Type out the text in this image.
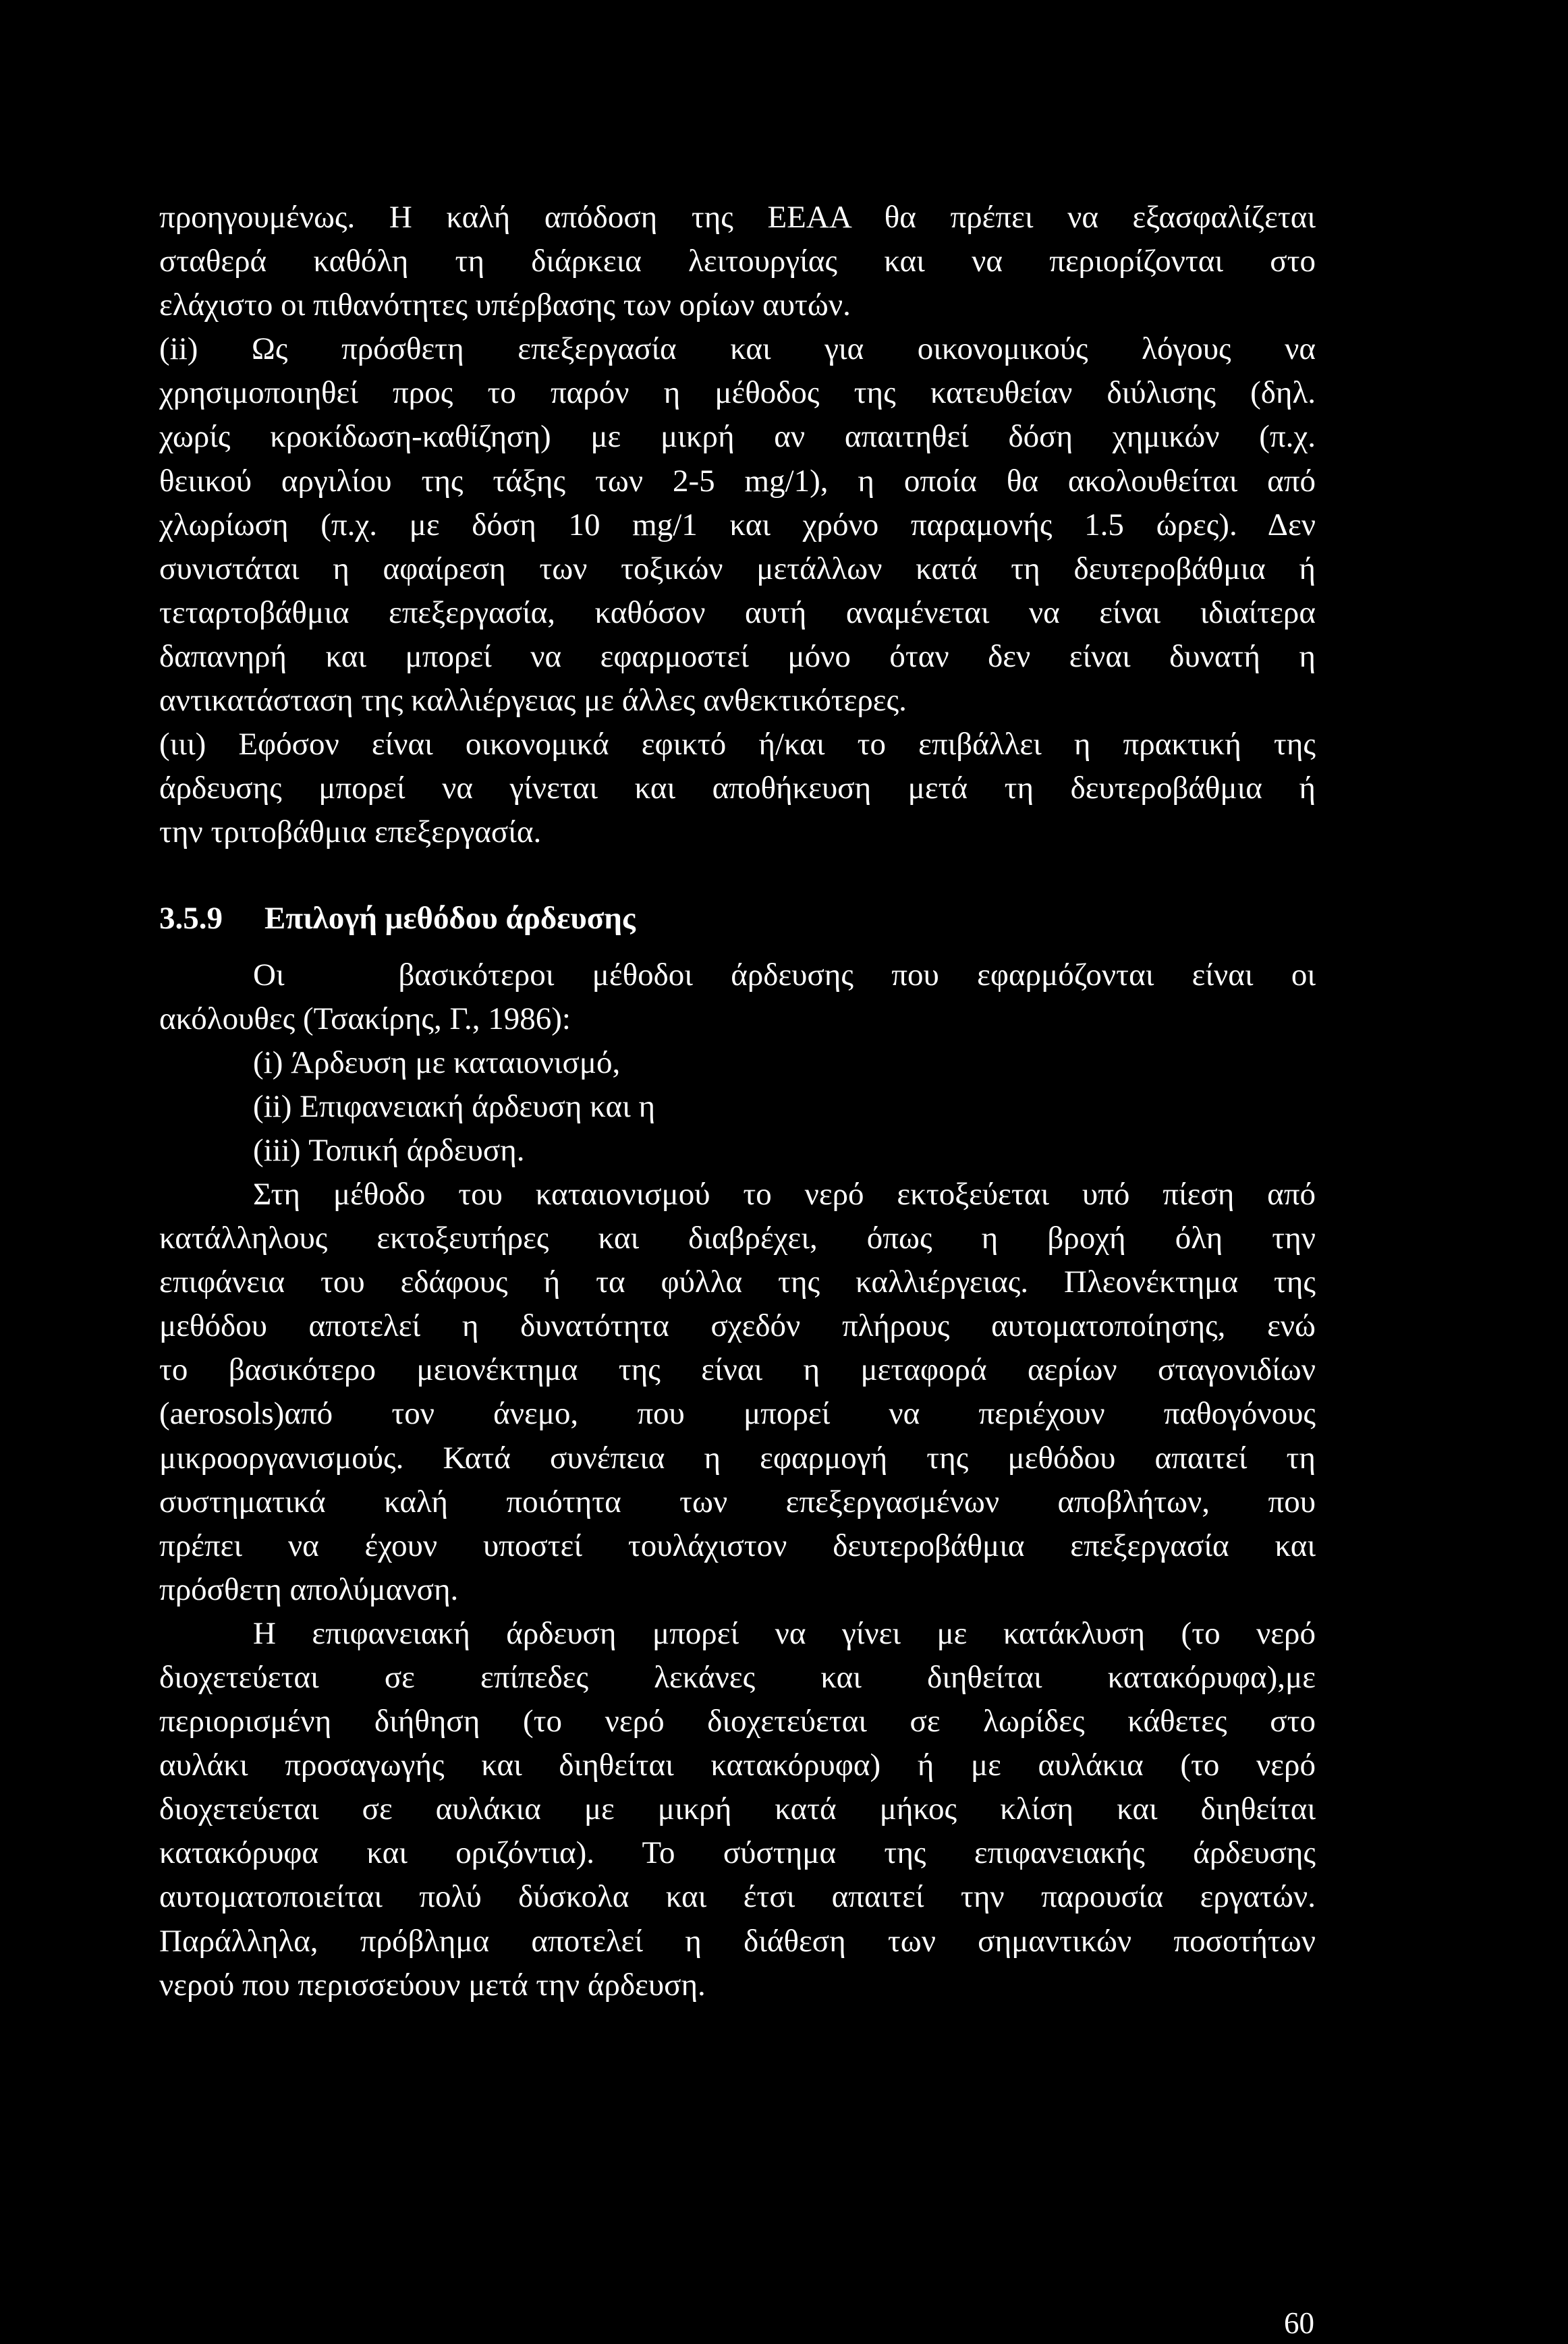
προηγουμένως. Η καλή απόδοση της ΕΕΑΑ θα πρέπει να εξασφαλίζεται
σταθερά καθόλη τη διάρκεια λειτουργίας και να περιορίζονται στο
ελάχιστο οι πιθανότητες υπέρβασης των ορίων αυτών.
(ii) Ως πρόσθετη επεξεργασία και για οικονομικούς λόγους να
χρησιμοποιηθεί προς το παρόν η μέθοδος της κατευθείαν διύλισης (δηλ.
χωρίς κροκίδωση-καθίζηση) με μικρή αν απαιτηθεί δόση χημικών (π.χ.
θειικού αργιλίου της τάξης των 2-5 mg/1), η οποία θα ακολουθείται από
χλωρίωση (π.χ. με δόση 10 mg/1 και χρόνο παραμονής 1.5 ώρες). Δεν
συνιστάται η αφαίρεση των τοξικών μετάλλων κατά τη δευτεροβάθμια ή
τεταρτοβάθμια επεξεργασία, καθόσον αυτή αναμένεται να είναι ιδιαίτερα
δαπανηρή και μπορεί να εφαρμοστεί μόνο όταν δεν είναι δυνατή η
αντικατάσταση της καλλιέργειας με άλλες ανθεκτικότερες.
(ιιι) Εφόσον είναι οικονομικά εφικτό ή/και το επιβάλλει η πρακτική της
άρδευσης μπορεί να γίνεται και αποθήκευση μετά τη δευτεροβάθμια ή
την τριτοβάθμια επεξεργασία.
3.5.9 Επιλογή μεθόδου άρδευσης
Οι   βασικότεροι μέθοδοι άρδευσης που εφαρμόζονται είναι οι
ακόλουθες (Τσακίρης, Γ., 1986):
(i) Άρδευση με καταιονισμό,
(ii) Επιφανειακή άρδευση και η
(iii) Τοπική άρδευση.
Στη μέθοδο του καταιονισμού το νερό εκτοξεύεται υπό πίεση από
κατάλληλους εκτοξευτήρες και διαβρέχει, όπως η βροχή όλη την
επιφάνεια του εδάφους ή τα φύλλα της καλλιέργειας. Πλεονέκτημα της
μεθόδου αποτελεί η δυνατότητα σχεδόν πλήρους αυτοματοποίησης, ενώ
το βασικότερο μειονέκτημα της είναι η μεταφορά αερίων σταγονιδίων
(aerosols)από τον άνεμο, που μπορεί να περιέχουν παθογόνους
μικροοργανισμούς. Κατά συνέπεια η εφαρμογή της μεθόδου απαιτεί τη
συστηματικά καλή ποιότητα των επεξεργασμένων αποβλήτων, που
πρέπει να έχουν υποστεί τουλάχιστον δευτεροβάθμια επεξεργασία και
πρόσθετη απολύμανση.
Η επιφανειακή άρδευση μπορεί να γίνει με κατάκλυση (το νερό
διοχετεύεται σε επίπεδες λεκάνες και διηθείται κατακόρυφα),με
περιορισμένη διήθηση (το νερό διοχετεύεται σε λωρίδες κάθετες στο
αυλάκι προσαγωγής και διηθείται κατακόρυφα) ή με αυλάκια (το νερό
διοχετεύεται σε αυλάκια με μικρή κατά μήκος κλίση και διηθείται
κατακόρυφα και οριζόντια). Το σύστημα της επιφανειακής άρδευσης
αυτοματοποιείται πολύ δύσκολα και έτσι απαιτεί την παρουσία εργατών.
Παράλληλα, πρόβλημα αποτελεί η διάθεση των σημαντικών ποσοτήτων
νερού που περισσεύουν μετά την άρδευση.
60
